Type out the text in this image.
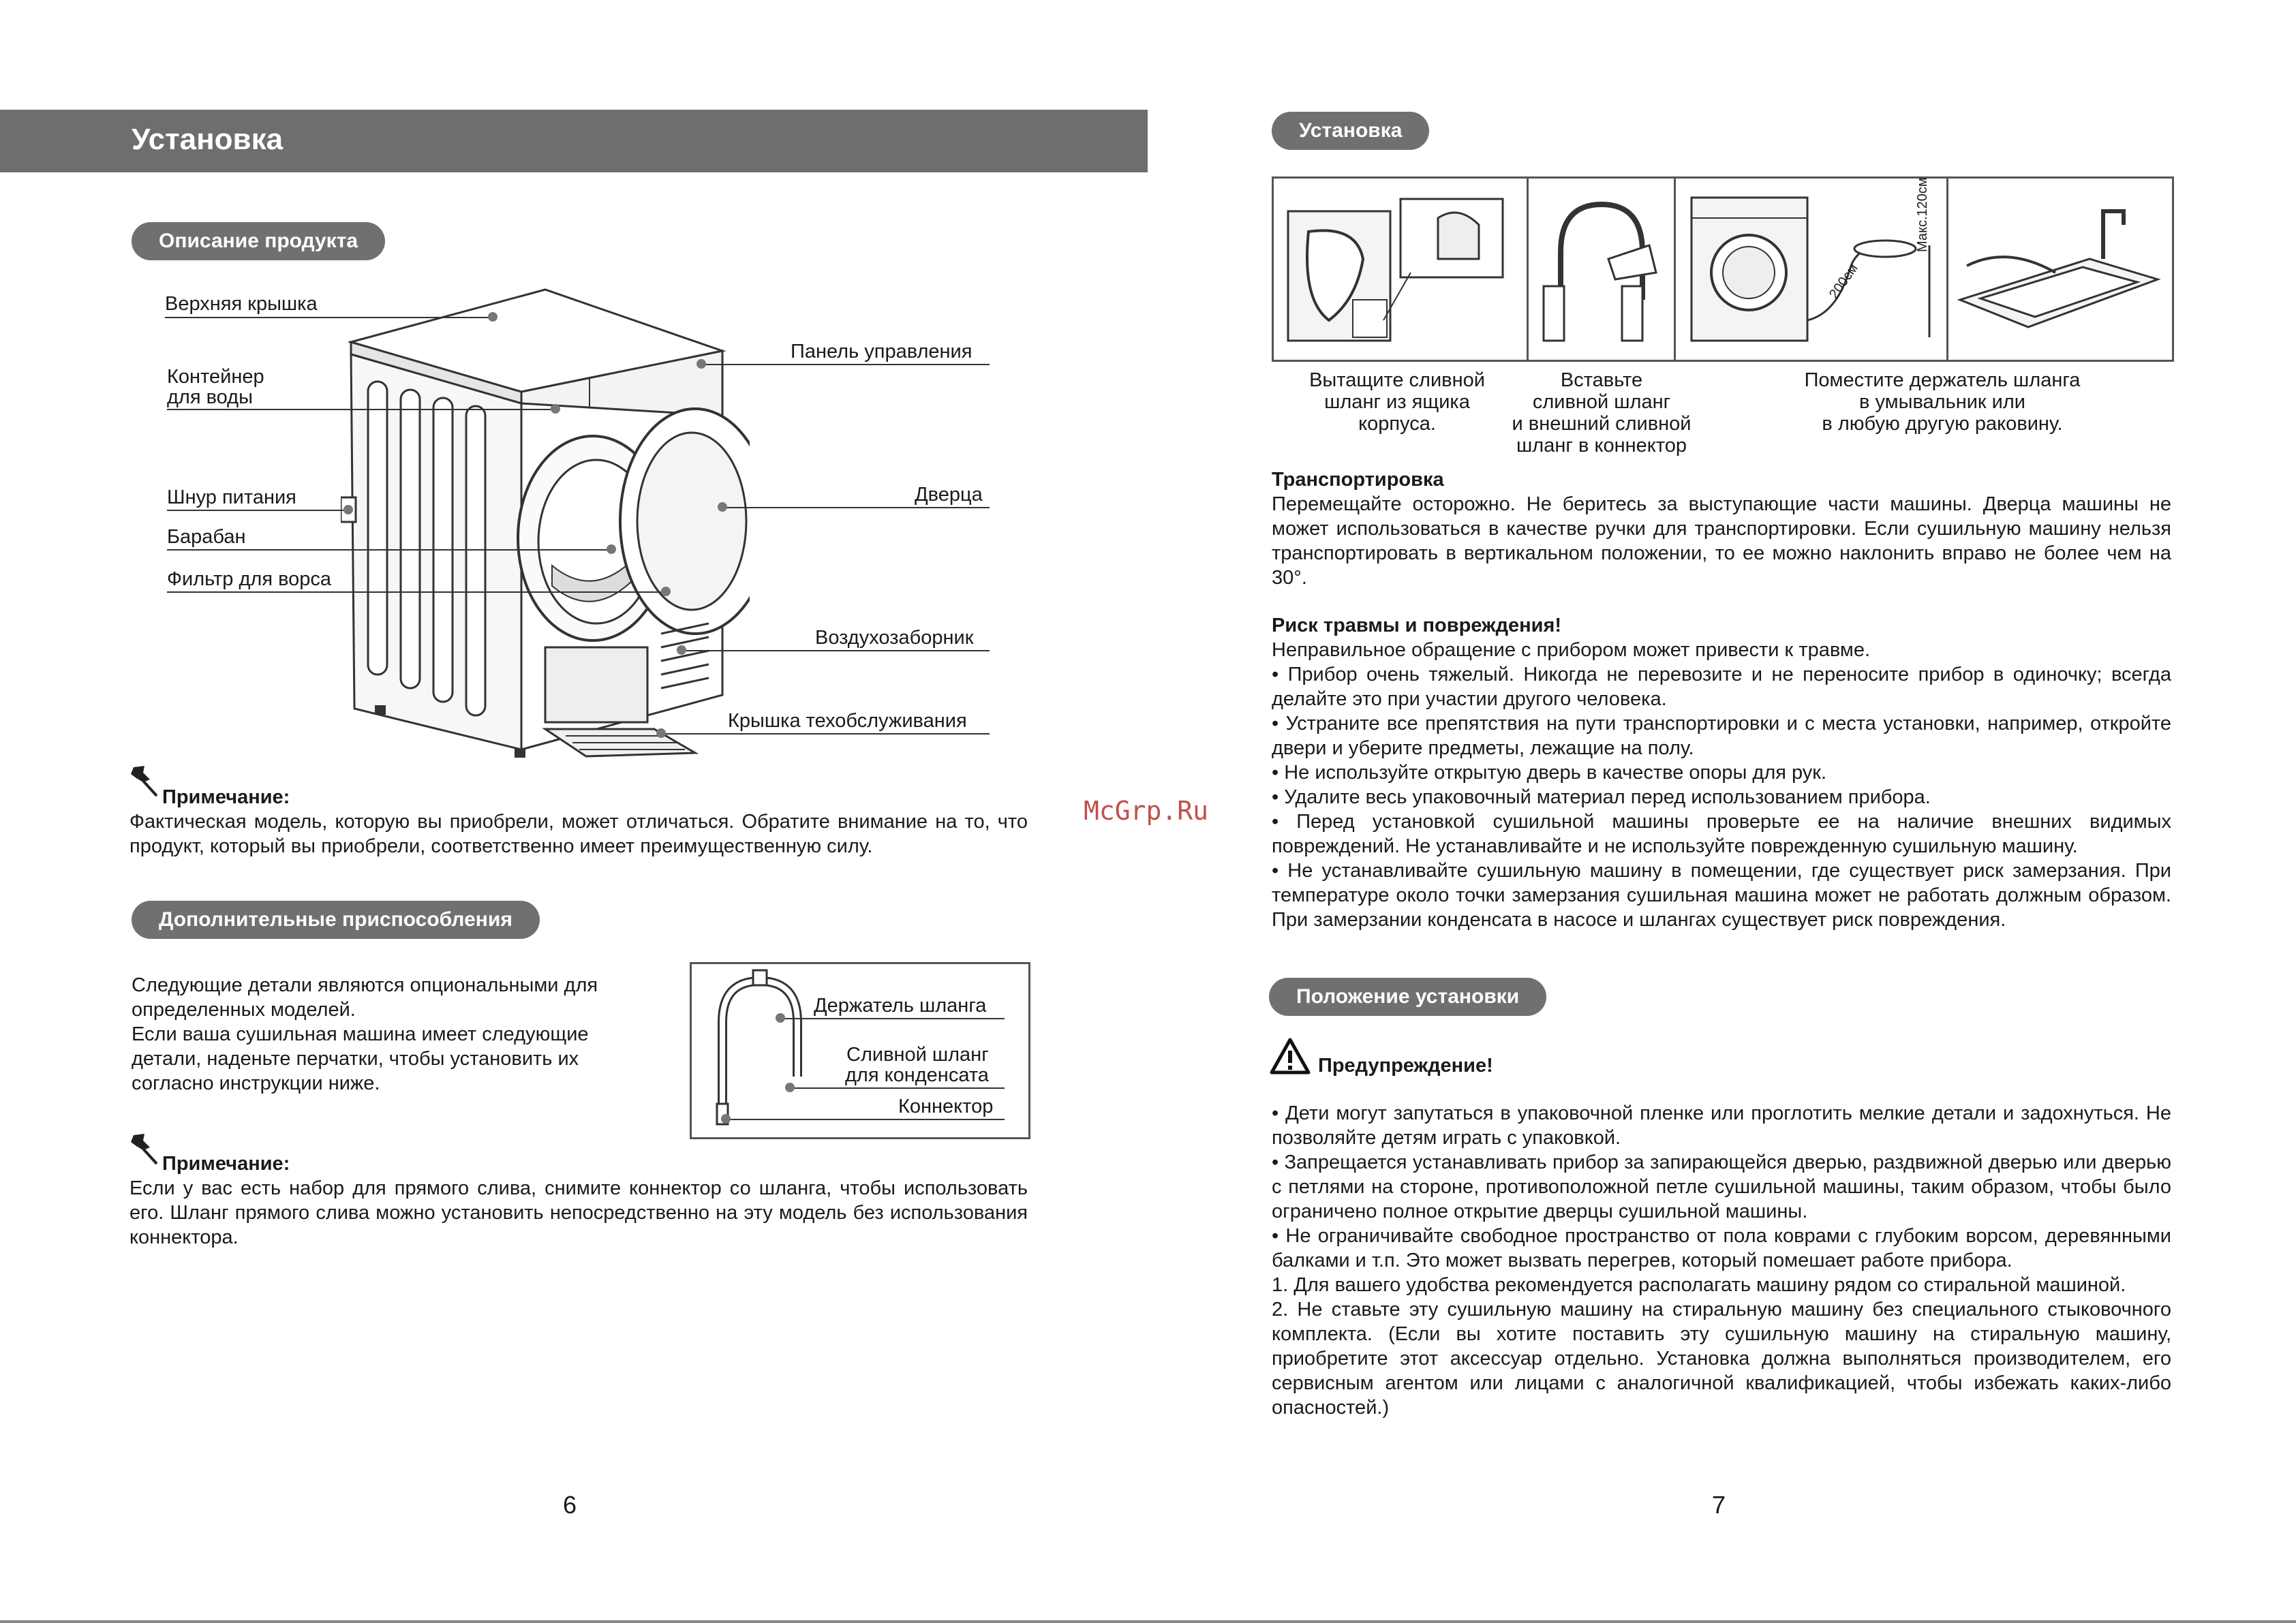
Установка
Описание продукта
Верхняя крышка
Контейнер
для воды
Шнур питания
Барабан
Фильтр для ворса
Панель управления
Дверца
Воздухозаборник
Крышка техобслуживания
Примечание:

Фактическая модель, которую вы приобрели, может отличаться. Обратите внимание на то, что продукт, который вы приобрели, соответственно имеет преимущественную силу.

Дополнительные приспособления
Следующие детали являются опциональными для
определенных моделей.
Если ваша сушильная машина имеет следующие
детали, наденьте перчатки, чтобы установить их
согласно инструкции ниже.
Держатель шланга
Сливной шланг
для конденсата
Коннектор
Примечание:

Если у вас есть набор для прямого слива, снимите коннектор со шланга, чтобы использовать его. Шланг прямого слива можно установить непосредственно на эту модель без использования коннектора.

6
McGrp.Ru
Установка
Макс.120см
200см
Вытащите сливной
шланг из ящика
корпуса.
Вставьте
сливной шланг
и внешний сливной
шланг в коннектор
Поместите держатель шланга
в умывальник или
в любую другую раковину.
Транспортировка

Перемещайте осторожно. Не беритесь за выступающие части машины. Дверца машины не может использоваться в качестве ручки для транспортировки. Если сушильную машину нельзя транспортировать в вертикальном положении, то ее можно наклонить вправо не более чем на 30°.

Риск травмы и повреждения!

Неправильное обращение с прибором может привести к травме.

• Прибор очень тяжелый. Никогда не перевозите и не переносите прибор в одиночку; всегда делайте это при участии другого человека.

• Устраните все препятствия на пути транспортировки и с места установки, например, откройте двери и уберите предметы, лежащие на полу.

• Не используйте открытую дверь в качестве опоры для рук.

• Удалите весь упаковочный материал перед использованием прибора.

• Перед установкой сушильной машины проверьте ее на наличие внешних видимых повреждений. Не устанавливайте и не используйте поврежденную сушильную машину.

• Не устанавливайте сушильную машину в помещении, где существует риск замерзания. При температуре около точки замерзания сушильная машина может не работать должным образом. При замерзании конденсата в насосе и шлангах существует риск повреждения.

Положение установки
Предупреждение!

• Дети могут запутаться в упаковочной пленке или проглотить мелкие детали и задохнуться. Не позволяйте детям играть с упаковкой.

• Запрещается устанавливать прибор за запирающейся дверью, раздвижной дверью или дверью с петлями на стороне, противоположной петле сушильной машины, таким образом, чтобы было ограничено полное открытие дверцы сушильной машины.

• Не ограничивайте свободное пространство от пола коврами с глубоким ворсом, деревянными балками и т.п. Это может вызвать перегрев, который помешает работе прибора.

1. Для вашего удобства рекомендуется располагать машину рядом со стиральной машиной.

2. Не ставьте эту сушильную машину на стиральную машину без специального стыковочного комплекта. (Если вы хотите поставить эту сушильную машину на стиральную машину, приобретите этот аксессуар отдельно. Установка должна выполняться производителем, его сервисным агентом или лицами с аналогичной квалификацией, чтобы избежать каких-либо опасностей.)

7
